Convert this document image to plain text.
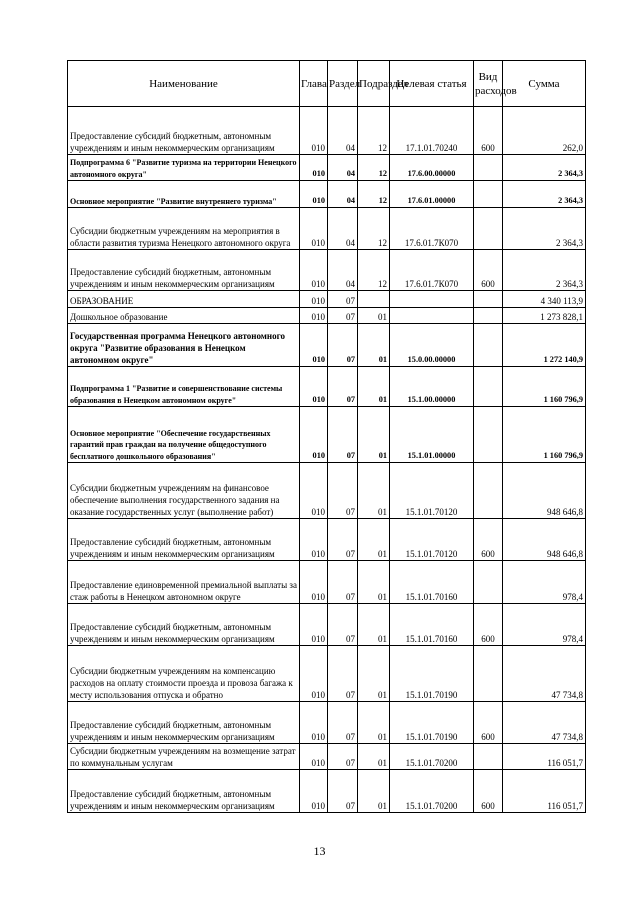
Наименование	Глава	Раздел	Подраздел	Целевая статья	Вид расходов	Сумма
Предоставление субсидий бюджетным, автономным учреждениям и иным некоммерческим организациям	010	04	12	17.1.01.70240	600	262,0
Подпрограмма 6 "Развитие туризма на территории Ненецкого автономного округа"	010	04	12	17.6.00.00000		2 364,3
Основное мероприятие "Развитие внутреннего туризма"	010	04	12	17.6.01.00000		2 364,3
Субсидии бюджетным учреждениям на мероприятия в области развития туризма Ненецкого автономного округа	010	04	12	17.6.01.7К070		2 364,3
Предоставление субсидий бюджетным, автономным учреждениям и иным некоммерческим организациям	010	04	12	17.6.01.7К070	600	2 364,3
ОБРАЗОВАНИЕ	010	07				4 340 113,9
Дошкольное образование	010	07	01			1 273 828,1
Государственная программа Ненецкого автономного округа "Развитие образования в Ненецком автономном округе"	010	07	01	15.0.00.00000		1 272 140,9
Подпрограмма 1 "Развитие и совершенствование системы образования в Ненецком автономном округе"	010	07	01	15.1.00.00000		1 160 796,9
Основное мероприятие "Обеспечение государственных гарантий прав граждан на получение общедоступного бесплатного дошкольного образования"	010	07	01	15.1.01.00000		1 160 796,9
Субсидии бюджетным учреждениям на финансовое обеспечение выполнения государственного задания на оказание государственных услуг (выполнение работ)	010	07	01	15.1.01.70120		948 646,8
Предоставление субсидий бюджетным, автономным учреждениям и иным некоммерческим организациям	010	07	01	15.1.01.70120	600	948 646,8
Предоставление единовременной премиальной выплаты за стаж работы в Ненецком автономном округе	010	07	01	15.1.01.70160		978,4
Предоставление субсидий бюджетным, автономным учреждениям и иным некоммерческим организациям	010	07	01	15.1.01.70160	600	978,4
Субсидии бюджетным учреждениям на компенсацию расходов на оплату стоимости проезда и провоза багажа к месту использования отпуска и обратно	010	07	01	15.1.01.70190		47 734,8
Предоставление субсидий бюджетным, автономным учреждениям и иным некоммерческим организациям	010	07	01	15.1.01.70190	600	47 734,8
Субсидии бюджетным учреждениям на возмещение затрат по коммунальным услугам	010	07	01	15.1.01.70200		116 051,7
Предоставление субсидий бюджетным, автономным учреждениям и иным некоммерческим организациям	010	07	01	15.1.01.70200	600	116 051,7
13
